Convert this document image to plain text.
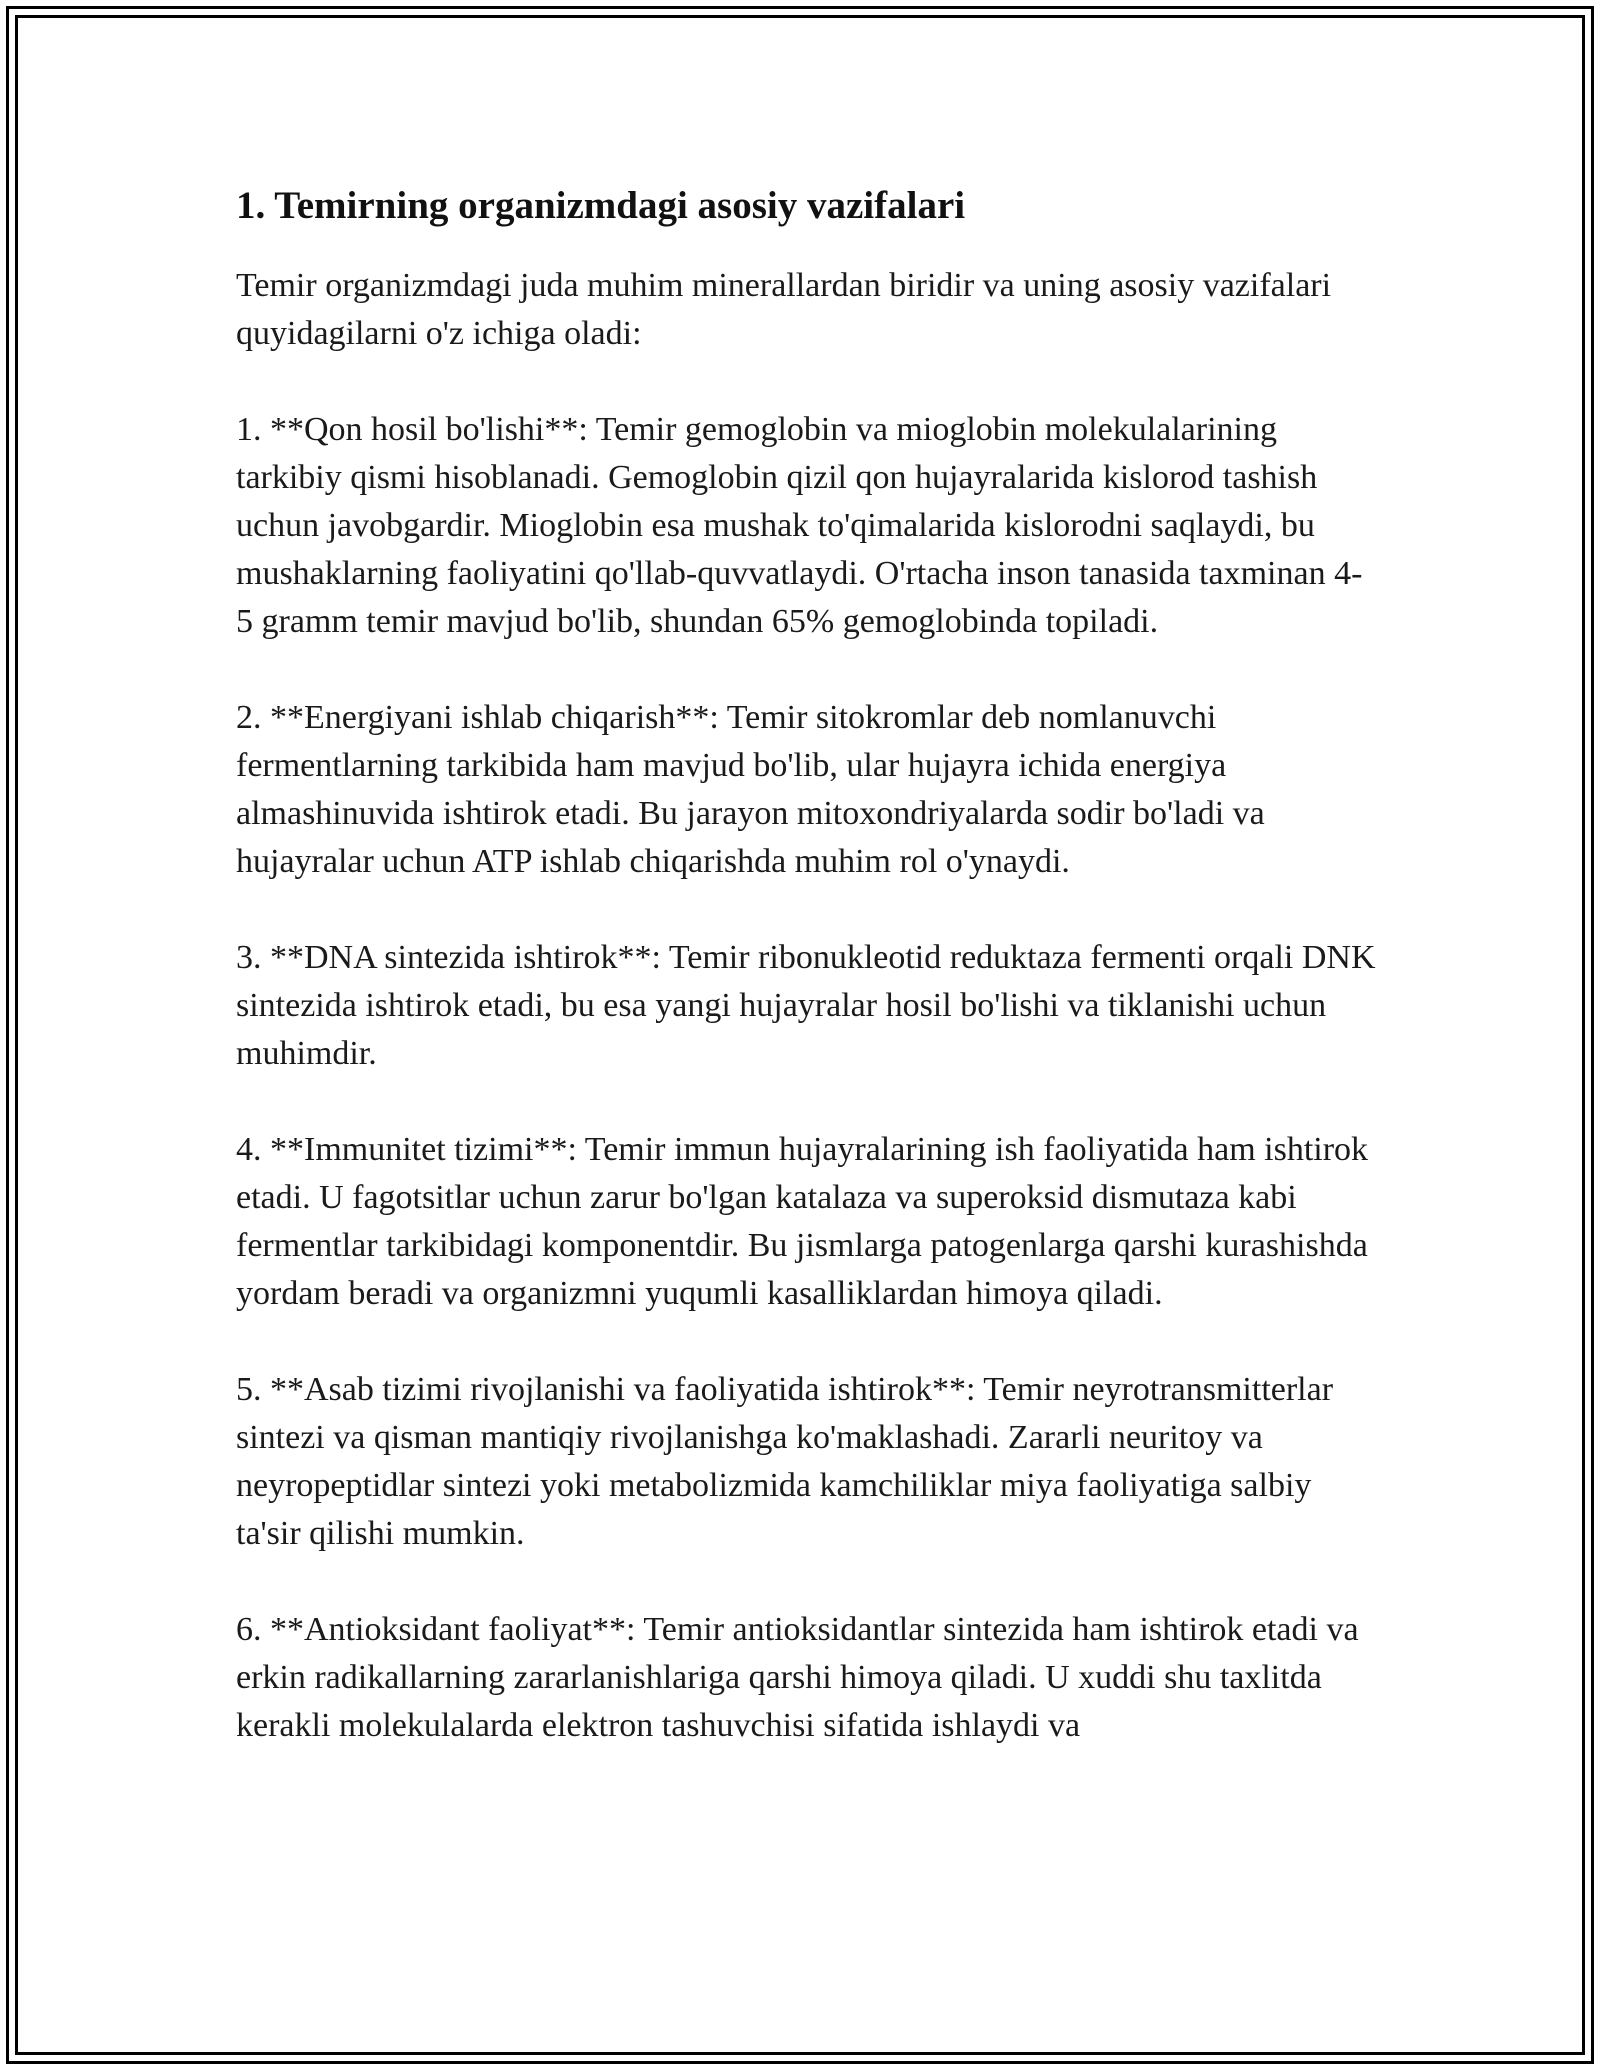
1. Temirning organizmdagi asosiy vazifalari

Temir organizmdagi juda muhim minerallardan biridir va uning asosiy vazifalari quyidagilarni o'z ichiga oladi:

1. **Qon hosil bo'lishi**: Temir gemoglobin va mioglobin molekulalarining tarkibiy qismi hisoblanadi. Gemoglobin qizil qon hujayralarida kislorod tashish uchun javobgardir. Mioglobin esa mushak to'qimalarida kislorodni saqlaydi, bu mushaklarning faoliyatini qo'llab-quvvatlaydi. O'rtacha inson tanasida taxminan 4-5 gramm temir mavjud bo'lib, shundan 65% gemoglobinda topiladi.

2. **Energiyani ishlab chiqarish**: Temir sitokromlar deb nomlanuvchi fermentlarning tarkibida ham mavjud bo'lib, ular hujayra ichida energiya almashinuvida ishtirok etadi. Bu jarayon mitoxondriyalarda sodir bo'ladi va hujayralar uchun ATP ishlab chiqarishda muhim rol o'ynaydi.

3. **DNA sintezida ishtirok**: Temir ribonukleotid reduktaza fermenti orqali DNK sintezida ishtirok etadi, bu esa yangi hujayralar hosil bo'lishi va tiklanishi uchun muhimdir.

4. **Immunitet tizimi**: Temir immun hujayralarining ish faoliyatida ham ishtirok etadi. U fagotsitlar uchun zarur bo'lgan katalaza va superoksid dismutaza kabi fermentlar tarkibidagi komponentdir. Bu jismlarga patogenlarga qarshi kurashishda yordam beradi va organizmni yuqumli kasalliklardan himoya qiladi.

5. **Asab tizimi rivojlanishi va faoliyatida ishtirok**: Temir neyrotransmitterlar sintezi va qisman mantiqiy rivojlanishga ko'maklashadi. Zararli neuritoy va neyropeptidlar sintezi yoki metabolizmida kamchiliklar miya faoliyatiga salbiy ta'sir qilishi mumkin.

6. **Antioksidant faoliyat**: Temir antioksidantlar sintezida ham ishtirok etadi va erkin radikallarning zararlanishlariga qarshi himoya qiladi. U xuddi shu taxlitda kerakli molekulalarda elektron tashuvchisi sifatida ishlaydi va
